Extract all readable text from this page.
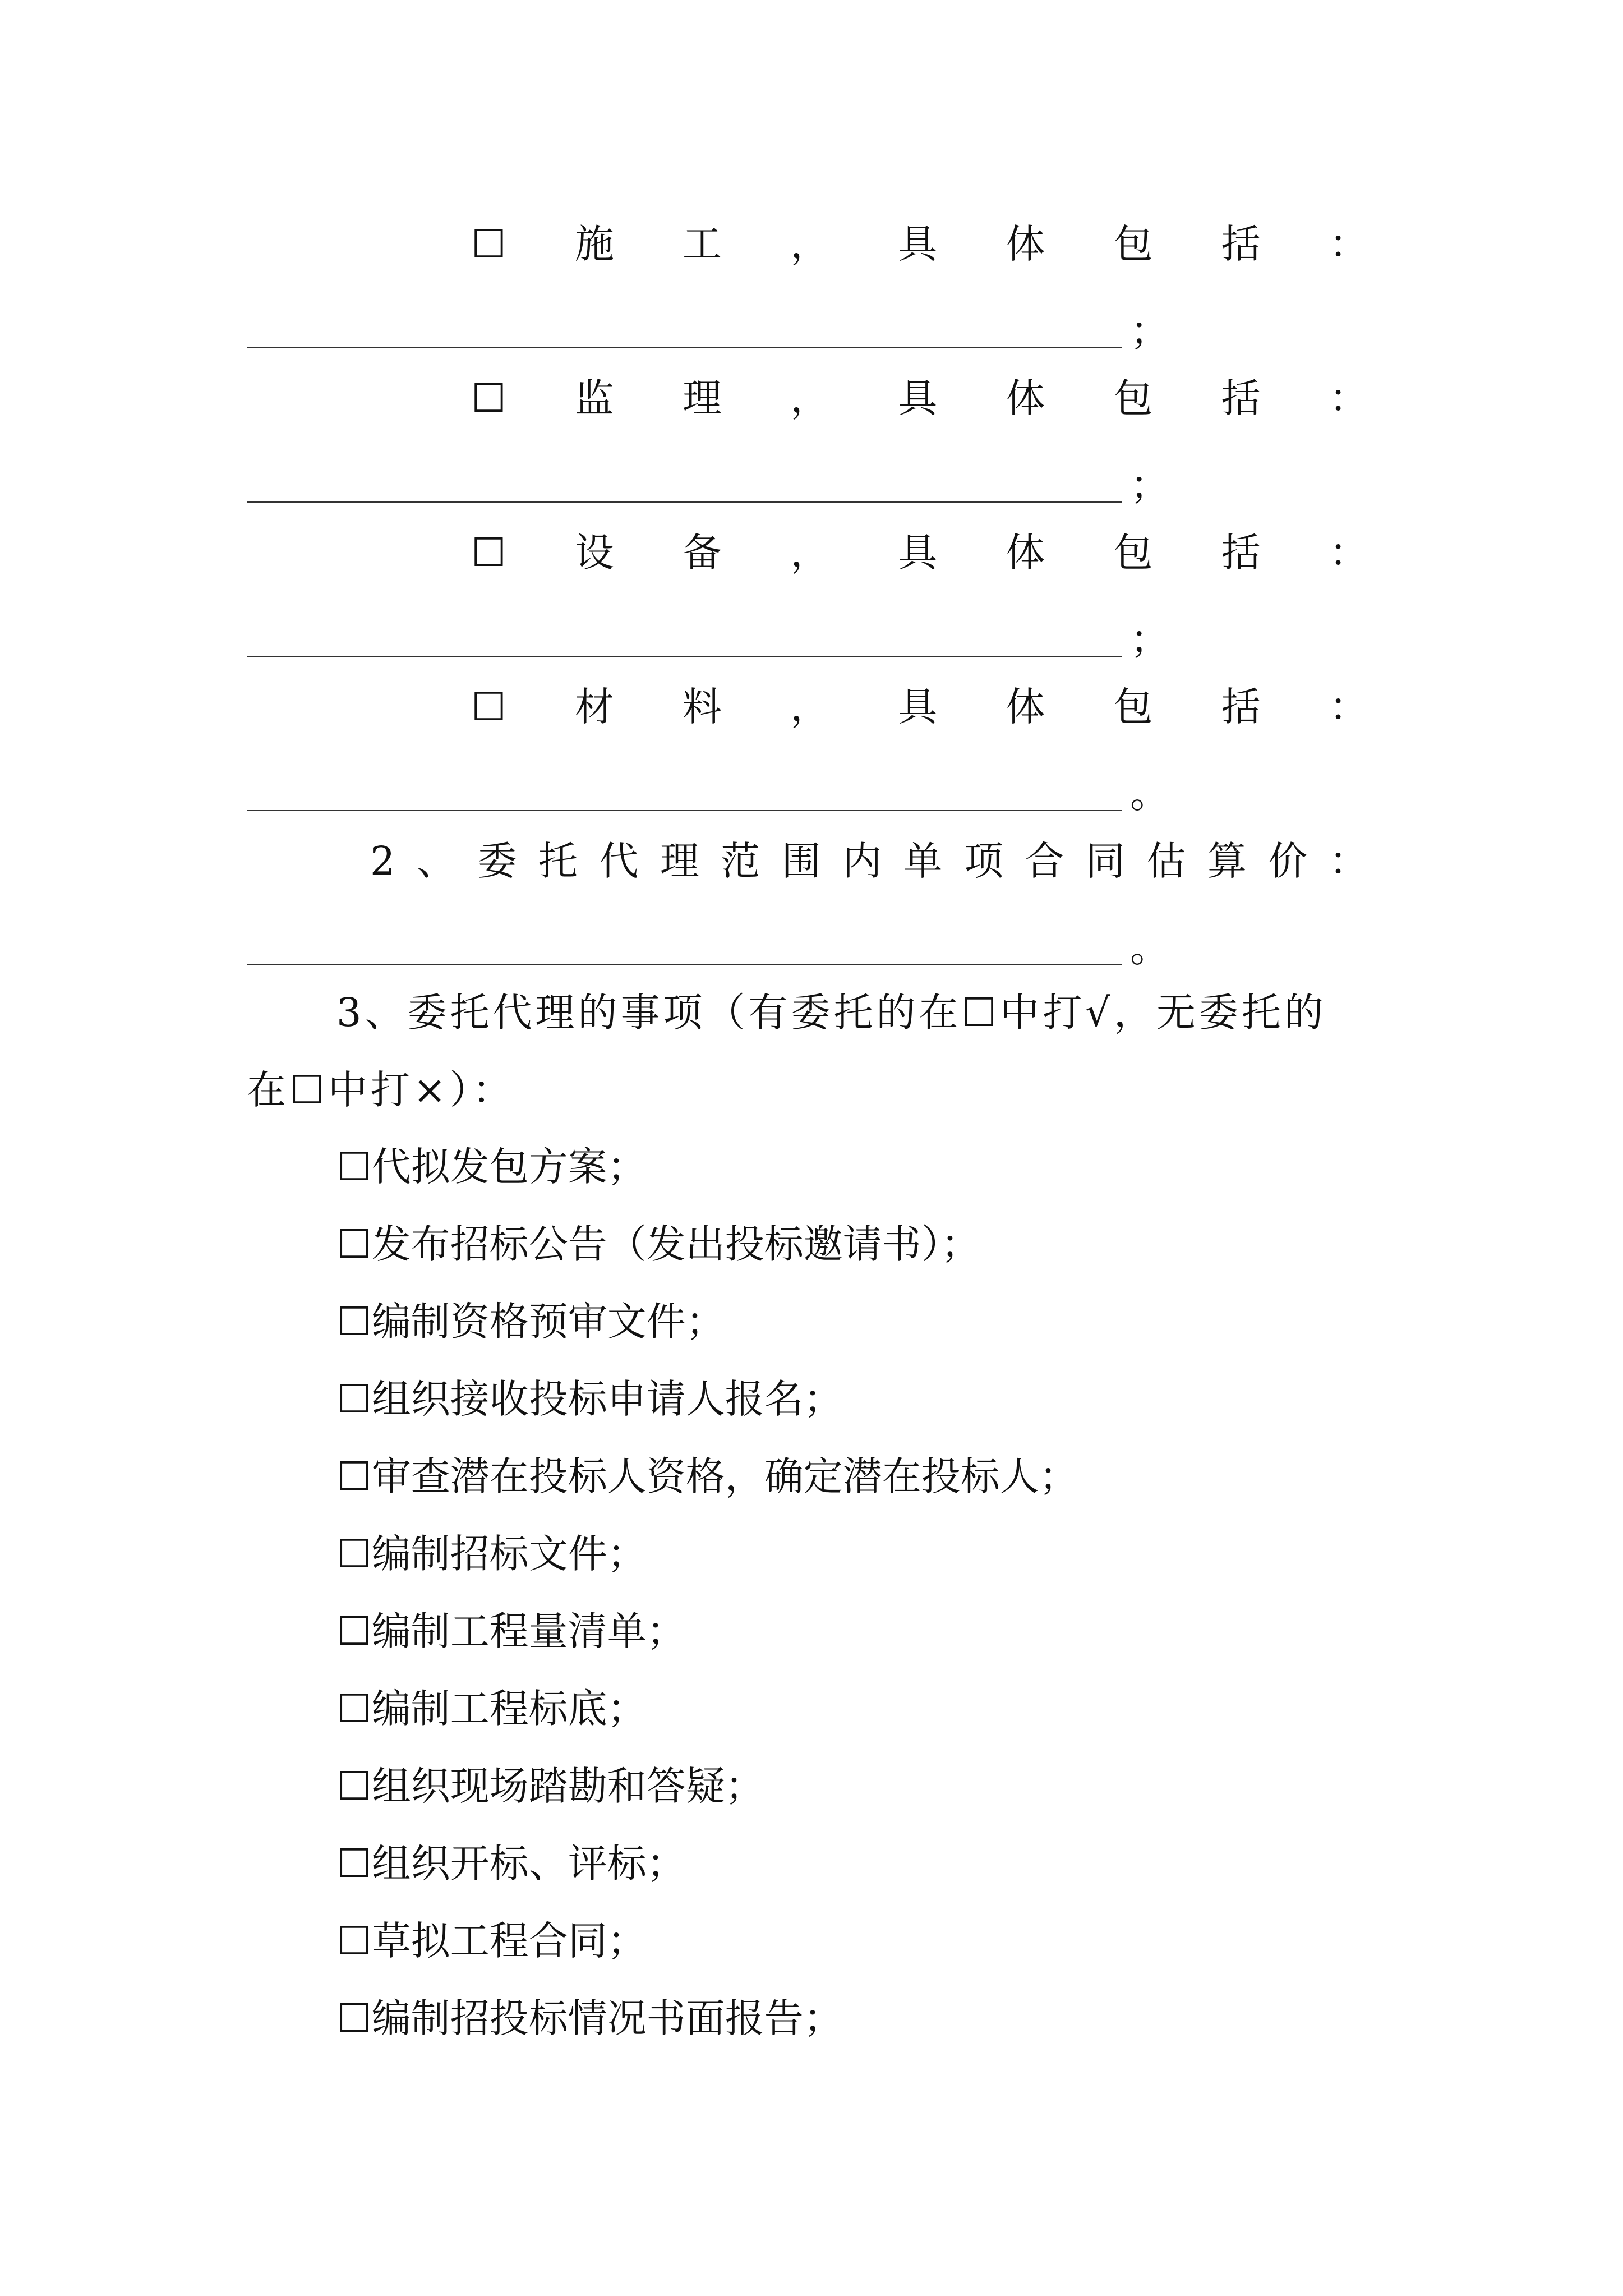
☐ 施 工 ， 具 体 包 括 ：
；
☐ 监 理 ， 具 体 包 括 ：
；
☐ 设 备 ， 具 体 包 括 ：
；
☐ 材 料 ， 具 体 包 括 ：
。
2 、 委 托 代 理 范 围 内 单 项 合 同 估 算 价 ：
。
3、委托代理的事项（有委托的在☐中打√，无委托的
在☐中打×）：
☐代拟发包方案；
☐发布招标公告（发出投标邀请书）；
☐编制资格预审文件；
☐组织接收投标申请人报名；
☐审查潜在投标人资格，确定潜在投标人；
☐编制招标文件；
☐编制工程量清单；
☐编制工程标底；
☐组织现场踏勘和答疑；
☐组织开标、评标；
☐草拟工程合同；
☐编制招投标情况书面报告；
